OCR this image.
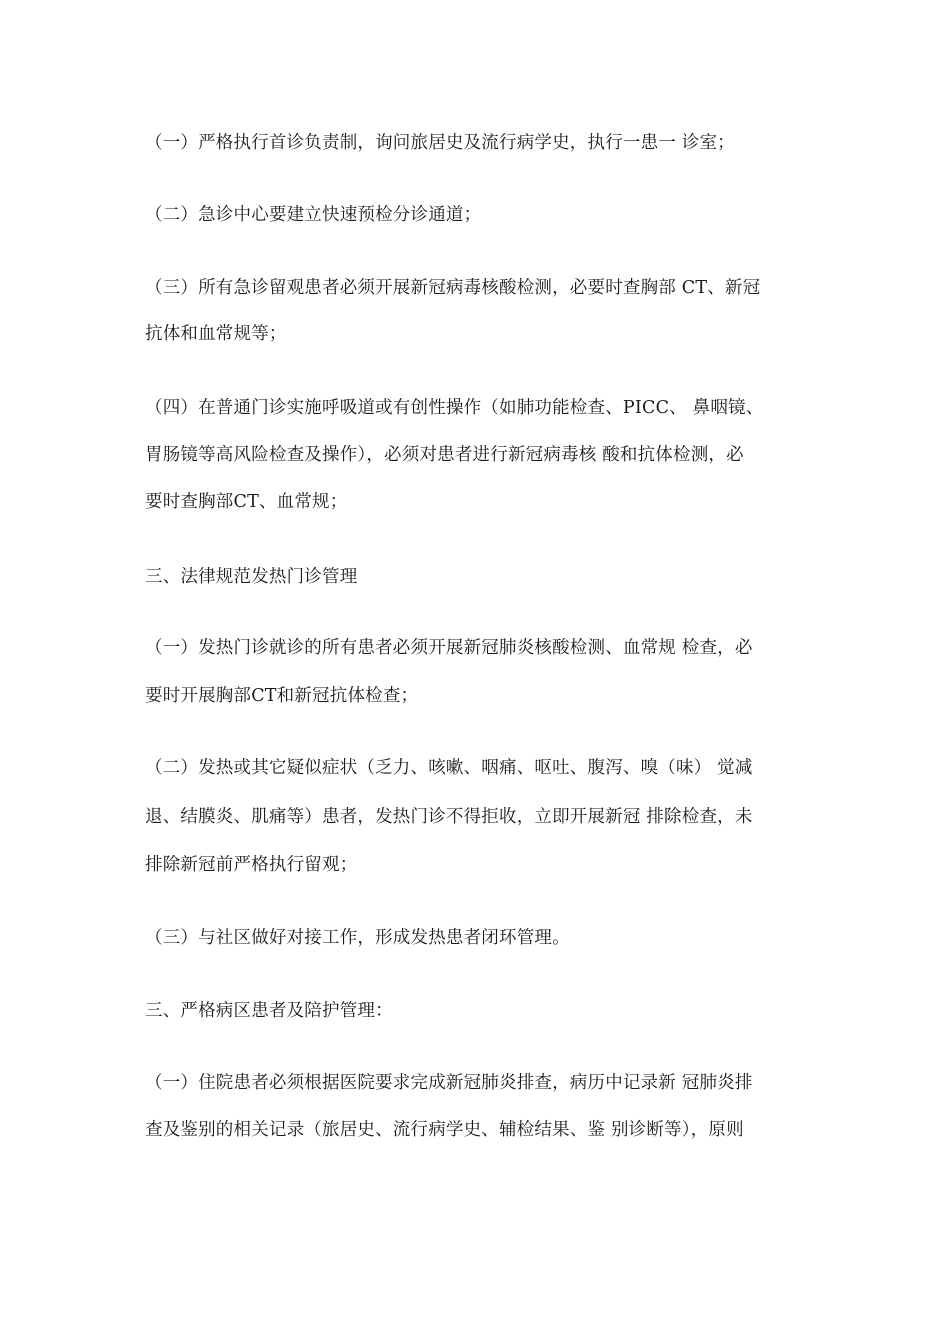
（一）严格执行首诊负责制，询问旅居史及流行病学史，执行一患一 诊室；
（二）急诊中心要建立快速预检分诊通道；
（三）所有急诊留观患者必须开展新冠病毒核酸检测，必要时查胸部 CT、新冠
抗体和血常规等；
（四）在普通门诊实施呼吸道或有创性操作（如肺功能检查、PICC、 鼻咽镜、
胃肠镜等高风险检查及操作），必须对患者进行新冠病毒核 酸和抗体检测，必
要时查胸部CT、血常规；
三、法律规范发热门诊管理
（一）发热门诊就诊的所有患者必须开展新冠肺炎核酸检测、血常规 检查，必
要时开展胸部CT和新冠抗体检查；
（二）发热或其它疑似症状（乏力、咳嗽、咽痛、呕吐、腹泻、嗅（味） 觉减
退、结膜炎、肌痛等）患者，发热门诊不得拒收，立即开展新冠 排除检查，未
排除新冠前严格执行留观；
（三）与社区做好对接工作，形成发热患者闭环管理。
三、严格病区患者及陪护管理：
（一）住院患者必须根据医院要求完成新冠肺炎排查，病历中记录新 冠肺炎排
查及鉴别的相关记录（旅居史、流行病学史、辅检结果、鉴 别诊断等），原则
